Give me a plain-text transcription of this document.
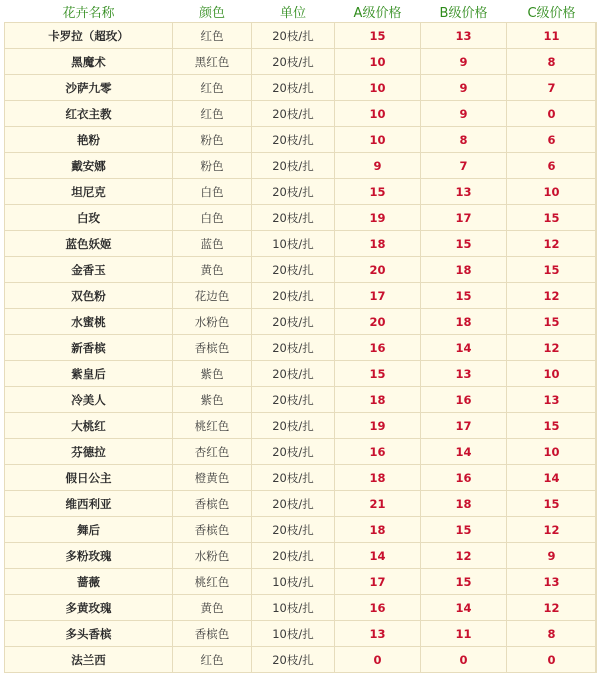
花卉名称	颜色	单位	A级价格	B级价格	C级价格
卡罗拉（超玫）	红色	20枝/扎	15	13	11
黑魔术	黑红色	20枝/扎	10	9	8
沙萨九零	红色	20枝/扎	10	9	7
红衣主教	红色	20枝/扎	10	9	0
艳粉	粉色	20枝/扎	10	8	6
戴安娜	粉色	20枝/扎	9	7	6
坦尼克	白色	20枝/扎	15	13	10
白玫	白色	20枝/扎	19	17	15
蓝色妖姬	蓝色	10枝/扎	18	15	12
金香玉	黄色	20枝/扎	20	18	15
双色粉	花边色	20枝/扎	17	15	12
水蜜桃	水粉色	20枝/扎	20	18	15
新香槟	香槟色	20枝/扎	16	14	12
紫皇后	紫色	20枝/扎	15	13	10
冷美人	紫色	20枝/扎	18	16	13
大桃红	桃红色	20枝/扎	19	17	15
芬德拉	杏红色	20枝/扎	16	14	10
假日公主	橙黄色	20枝/扎	18	16	14
维西利亚	香槟色	20枝/扎	21	18	15
舞后	香槟色	20枝/扎	18	15	12
多粉玫瑰	水粉色	20枝/扎	14	12	9
蔷薇	桃红色	10枝/扎	17	15	13
多黄玫瑰	黄色	10枝/扎	16	14	12
多头香槟	香槟色	10枝/扎	13	11	8
法兰西	红色	20枝/扎	0	0	0
